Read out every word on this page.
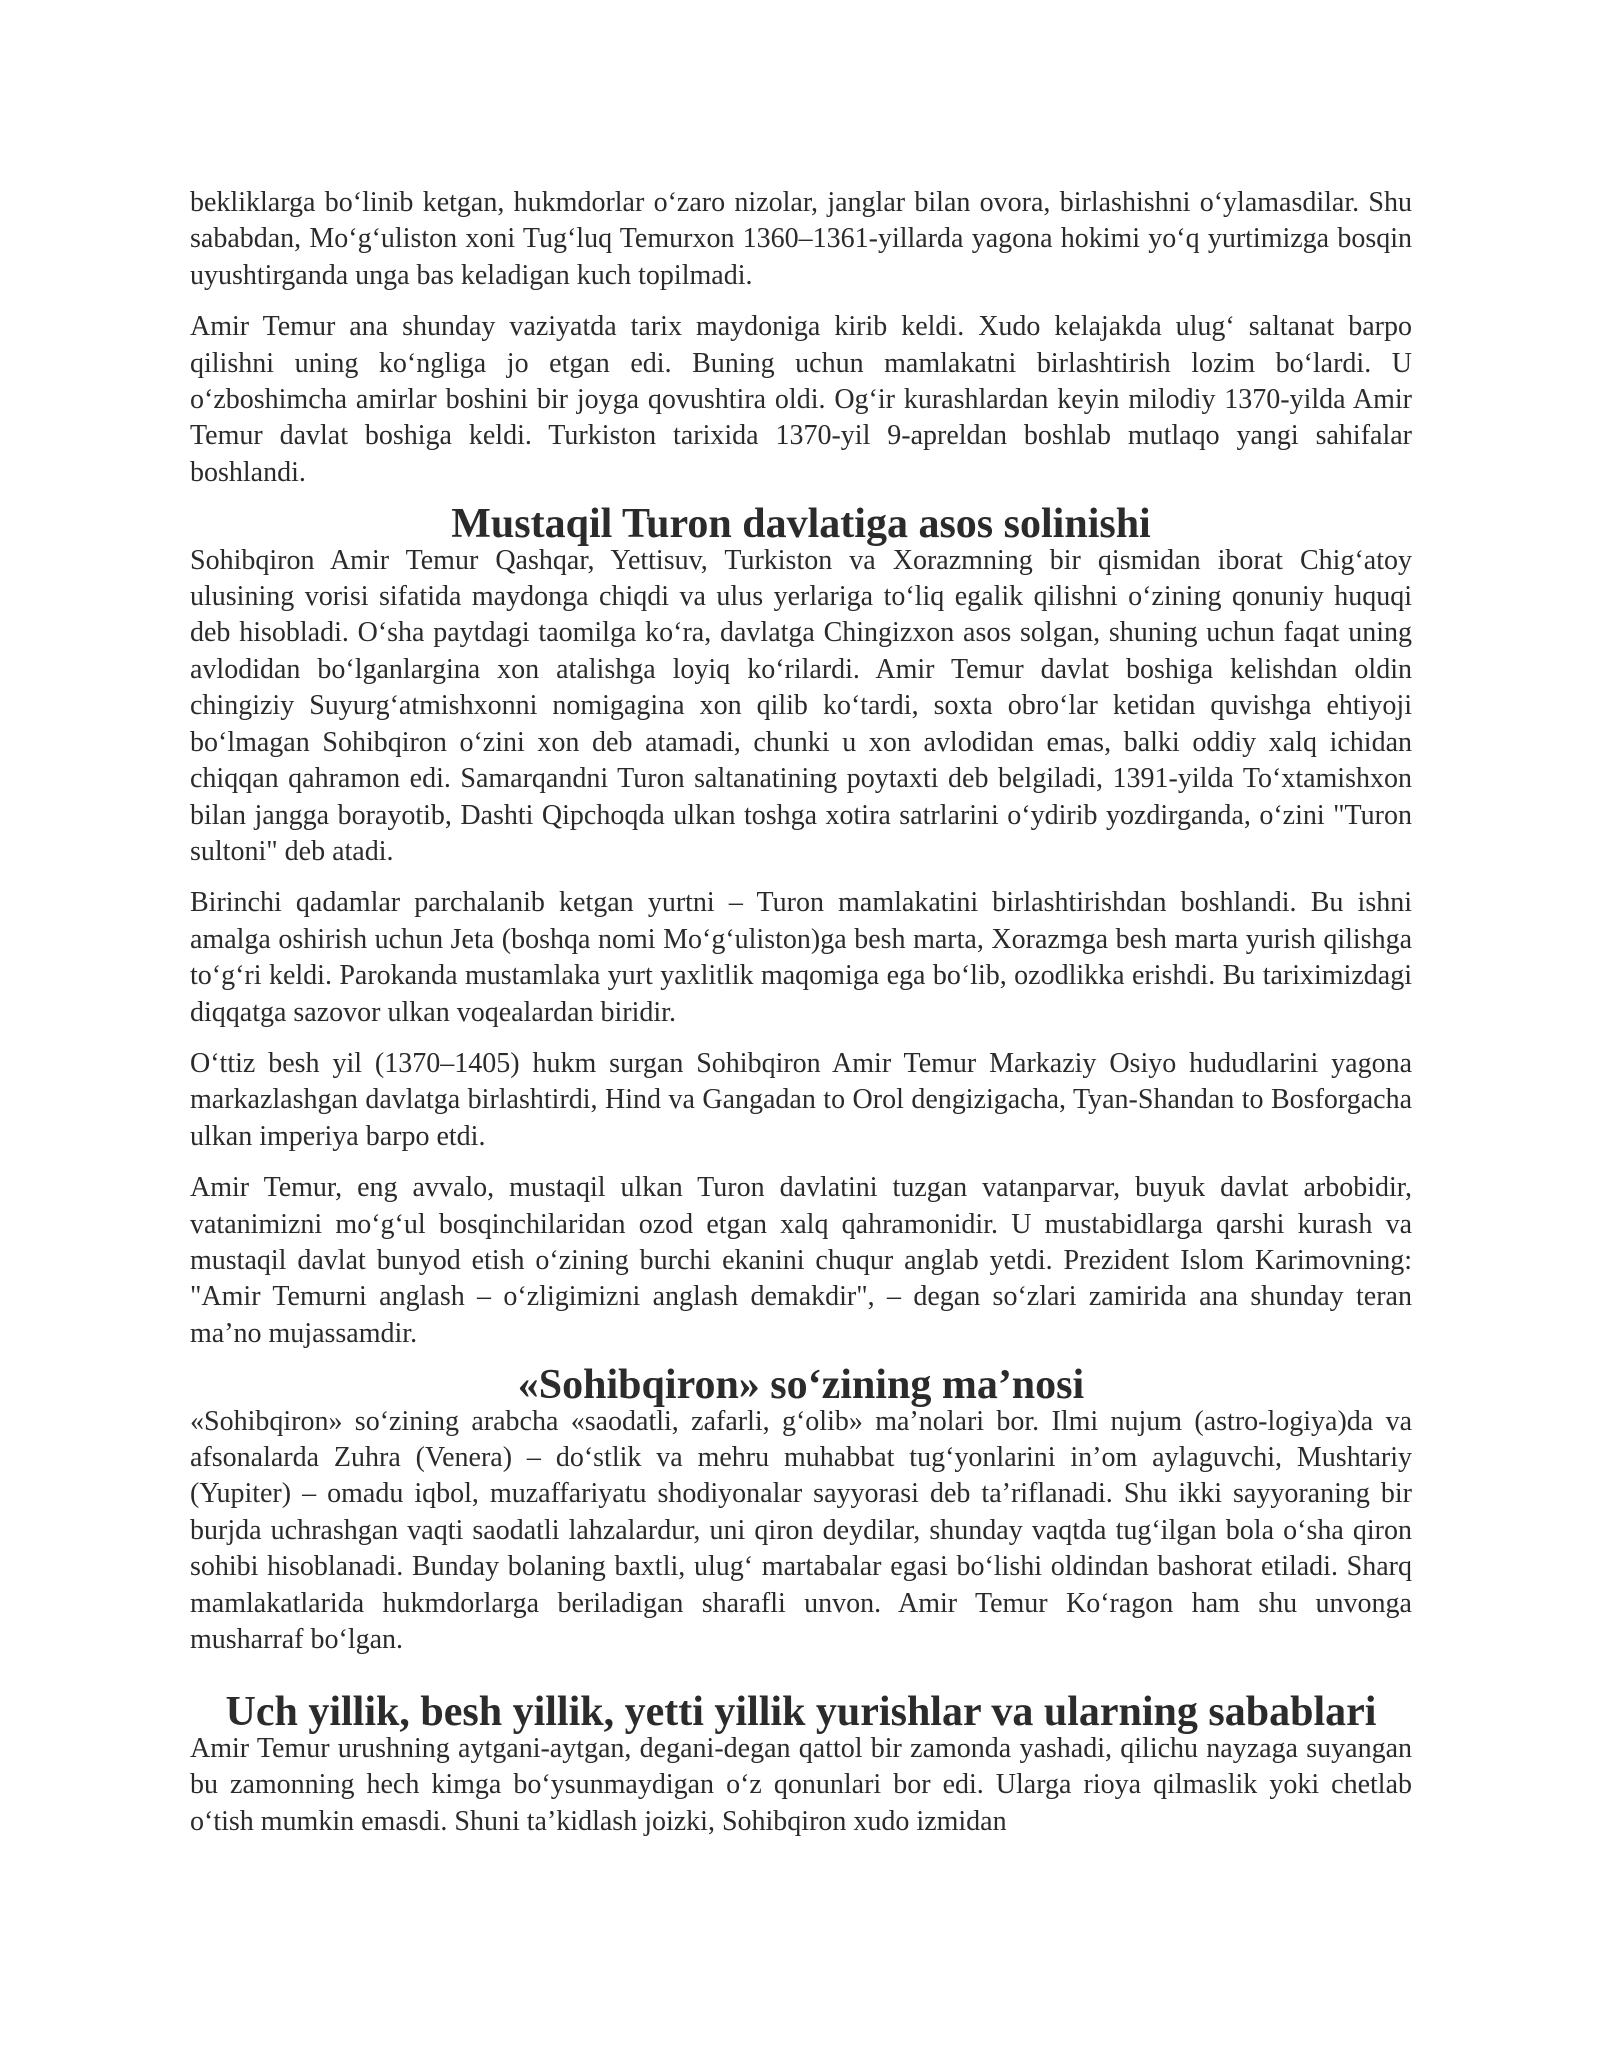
bekliklarga boʻlinib ketgan, hukmdorlar oʻzaro nizolar, janglar bilan ovora, birlashishni oʻylamasdilar. Shu sababdan, Moʻgʻuliston xoni Tugʻluq Temurxon 1360–1361-yillarda yagona hokimi yoʻq yurtimizga bosqin uyushtirganda unga bas keladigan kuch topilmadi.

Amir Temur ana shunday vaziyatda tarix maydoniga kirib keldi. Xudo kelajakda ulugʻ saltanat barpo qilishni uning koʻngliga jo etgan edi. Buning uchun mamlakatni birlashtirish lozim boʻlardi. U oʻzboshimcha amirlar boshini bir joyga qovushtira oldi. Ogʻir kurashlardan keyin milodiy 1370-yilda Amir Temur davlat boshiga keldi. Turkiston tarixida 1370-yil 9-apreldan boshlab mutlaqo yangi sahifalar boshlandi.

Mustaqil Turon davlatiga asos solinishi

Sohibqiron Amir Temur Qashqar, Yettisuv, Turkiston va Xorazmning bir qismidan iborat Chigʻatoy ulusining vorisi sifatida maydonga chiqdi va ulus yerlariga toʻliq egalik qilishni oʻzining qonuniy huquqi deb hisobladi. Oʻsha paytdagi taomilga koʻra, davlatga Chingizxon asos solgan, shuning uchun faqat uning avlodidan boʻlganlargina xon atalishga loyiq koʻrilardi. Amir Temur davlat boshiga kelishdan oldin chingiziy Suyurgʻatmishxonni nomigagina xon qilib koʻtardi, soxta obroʻlar ketidan quvishga ehtiyoji boʻlmagan Sohibqiron oʻzini xon deb atamadi, chunki u xon avlodidan emas, balki oddiy xalq ichidan chiqqan qahramon edi. Samarqandni Turon saltanatining poytaxti deb belgiladi, 1391-yilda Toʻxtamishxon bilan jangga borayotib, Dashti Qipchoqda ulkan toshga xotira satrlarini oʻydirib yozdirganda, oʻzini "Turon sultoni" deb atadi.

Birinchi qadamlar parchalanib ketgan yurtni – Turon mamlakatini birlashtirishdan boshlandi. Bu ishni amalga oshirish uchun Jeta (boshqa nomi Moʻgʻuliston)ga besh marta, Xorazmga besh marta yurish qilishga toʻgʻri keldi. Parokanda mustamlaka yurt yaxlitlik maqomiga ega boʻlib, ozodlikka erishdi. Bu tariximizdagi diqqatga sazovor ulkan voqealardan biridir.

Oʻttiz besh yil (1370–1405) hukm surgan Sohibqiron Amir Temur Markaziy Osiyo hududlarini yagona markazlashgan davlatga birlashtirdi, Hind va Gangadan to Orol dengizigacha, Tyan-Shandan to Bosforgacha ulkan imperiya barpo etdi.

Amir Temur, eng avvalo, mustaqil ulkan Turon davlatini tuzgan vatanparvar, buyuk davlat arbobidir, vatanimizni moʻgʻul bosqinchilaridan ozod etgan xalq qahramonidir. U mustabidlarga qarshi kurash va mustaqil davlat bunyod etish oʻzining burchi ekanini chuqur anglab yetdi. Prezident Islom Karimovning: "Amir Temurni anglash – oʻzligimizni anglash demakdir", – degan soʻzlari zamirida ana shunday teran maʼno mujassamdir.

«Sohibqiron» soʻzining maʼnosi

«Sohibqiron» soʻzining arabcha «saodatli, zafarli, gʻolib» maʼnolari bor. Ilmi nujum (astro-logiya)da va afsonalarda Zuhra (Venera) – doʻstlik va mehru muhabbat tugʻyonlarini inʼom aylaguvchi, Mushtariy (Yupiter) – omadu iqbol, muzaffariyatu shodiyonalar sayyorasi deb taʼriflanadi. Shu ikki sayyoraning bir burjda uchrashgan vaqti saodatli lahzalardur, uni qiron deydilar, shunday vaqtda tugʻilgan bola oʻsha qiron sohibi hisoblanadi. Bunday bolaning baxtli, ulugʻ martabalar egasi boʻlishi oldindan bashorat etiladi. Sharq mamlakatlarida hukmdorlarga beriladigan sharafli unvon. Amir Temur Koʻragon ham shu unvonga musharraf boʻlgan.

Uch yillik, besh yillik, yetti yillik yurishlar va ularning sabablari

Amir Temur urushning aytgani-aytgan, degani-degan qattol bir zamonda yashadi, qilichu nayzaga suyangan bu zamonning hech kimga boʻysunmaydigan oʻz qonunlari bor edi. Ularga rioya qilmaslik yoki chetlab oʻtish mumkin emasdi. Shuni taʼkidlash joizki, Sohibqiron xudo izmidan
